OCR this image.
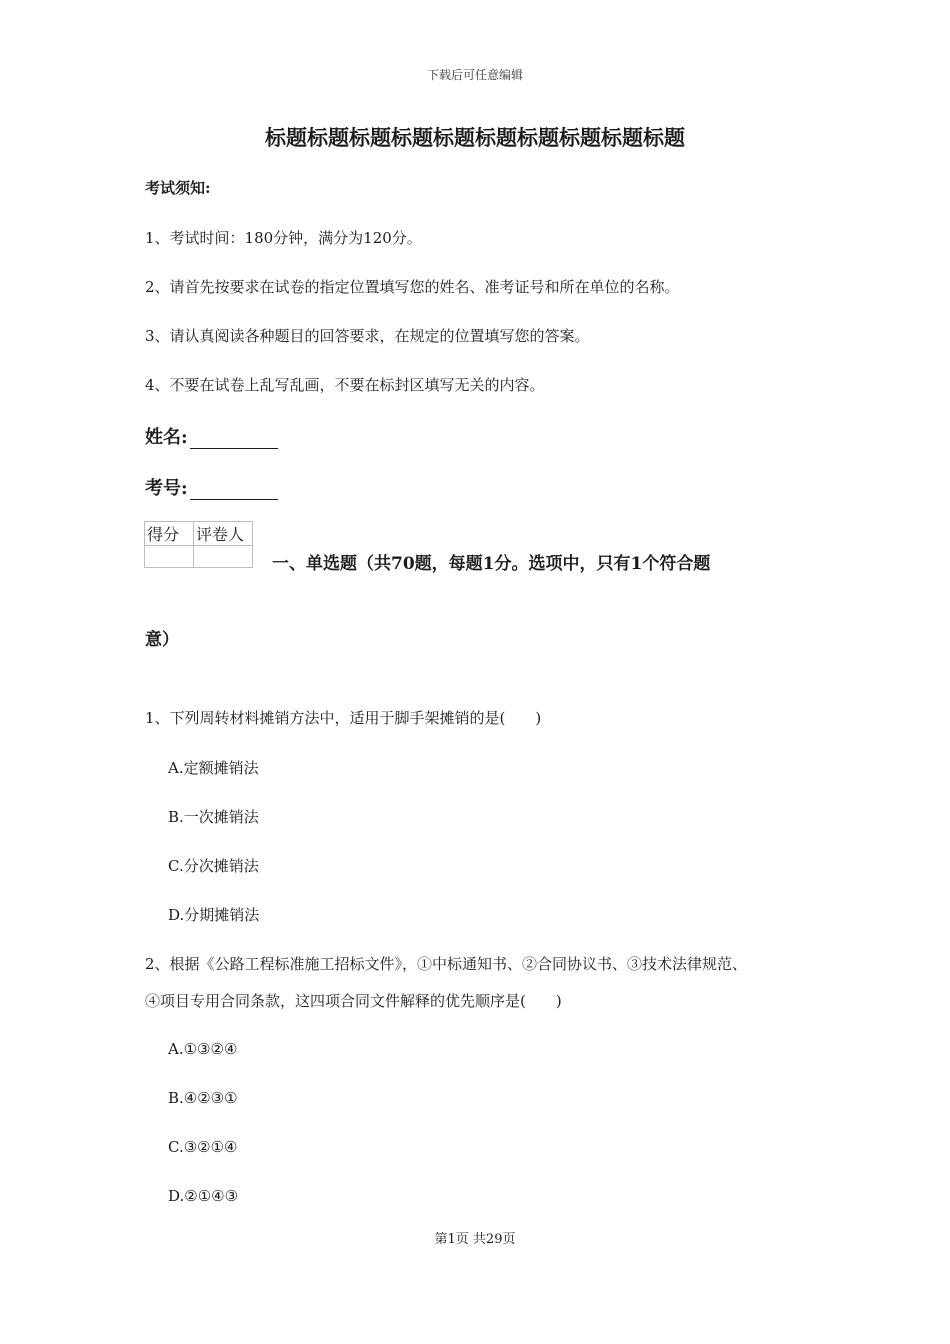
下载后可任意编辑
标题标题标题标题标题标题标题标题标题标题
考试须知:
1、考试时间：180分钟，满分为120分。
2、请首先按要求在试卷的指定位置填写您的姓名、准考证号和所在单位的名称。
3、请认真阅读各种题目的回答要求，在规定的位置填写您的答案。
4、不要在试卷上乱写乱画，不要在标封区填写无关的内容。
姓名:
考号:
得分	评卷人

一、单选题（共70题，每题1分。选项中，只有1个符合题
意）
1、下列周转材料摊销方法中，适用于脚手架摊销的是(　　)
A.定额摊销法
B.一次摊销法
C.分次摊销法
D.分期摊销法
2、根据《公路工程标准施工招标文件》，①中标通知书、②合同协议书、③技术法律规范、
④项目专用合同条款，这四项合同文件解释的优先顺序是(　　)
A.①③②④
B.④②③①
C.③②①④
D.②①④③
第1页 共29页
